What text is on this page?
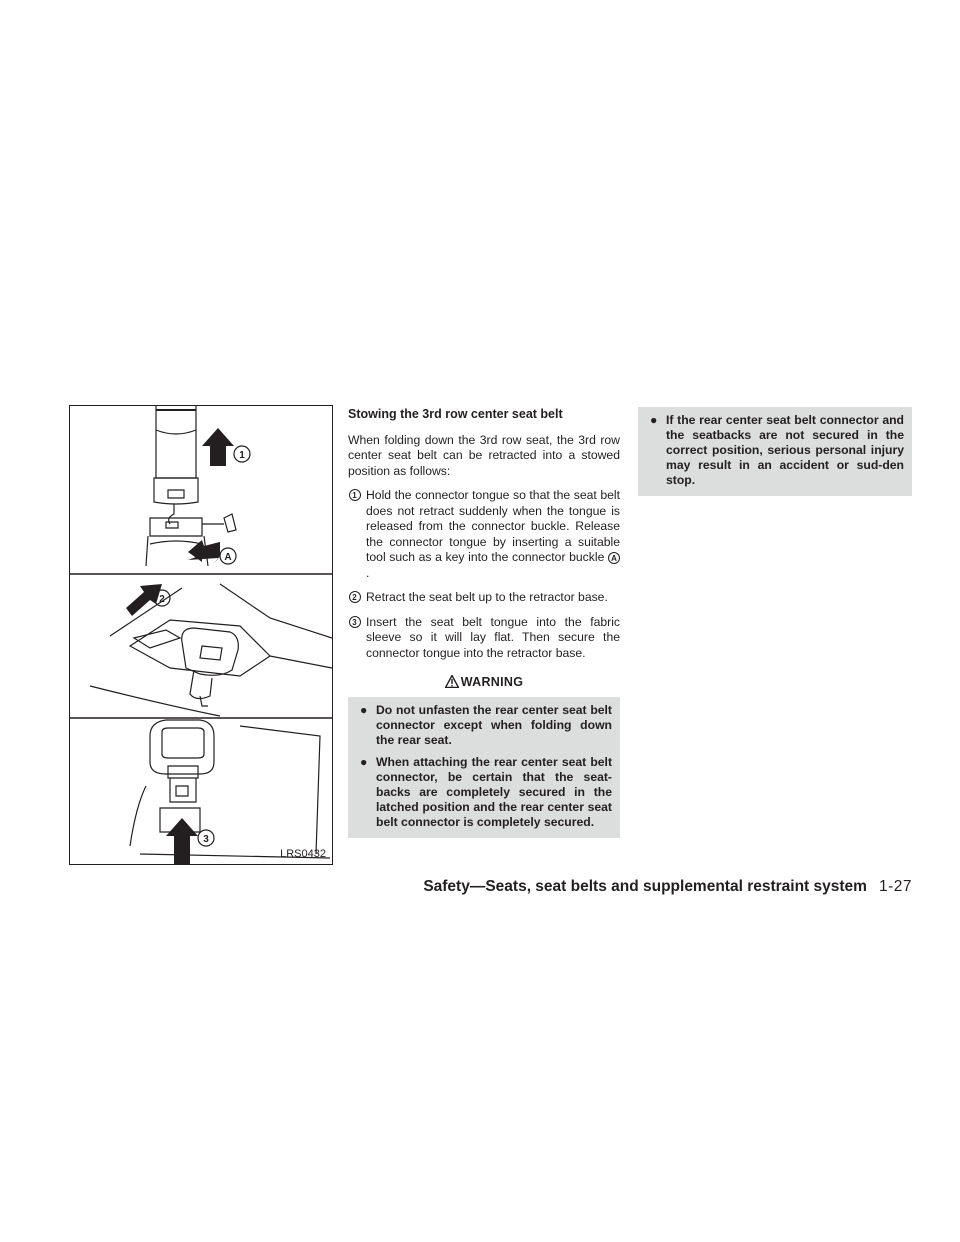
1
A
2
3
LRS0432
Stowing the 3rd row center seat belt

When folding down the 3rd row seat, the 3rd row center seat belt can be retracted into a stowed position as follows:

1 Hold the connector tongue so that the seat belt does not retract suddenly when the tongue is released from the connector buckle. Release the connector tongue by inserting a suitable tool such as a key into the connector buckle A.
2 Retract the seat belt up to the retractor base.
3 Insert the seat belt tongue into the fabric sleeve so it will lay flat. Then secure the connector tongue into the retractor base.
WARNING
● Do not unfasten the rear center seat belt connector except when folding down the rear seat.
● When attaching the rear center seat belt connector, be certain that the seat-backs are completely secured in the latched position and the rear center seat belt connector is completely secured.
● If the rear center seat belt connector and the seatbacks are not secured in the correct position, serious personal injury may result in an accident or sud-den stop.
Safety—Seats, seat belts and supplemental restraint system 1-27
